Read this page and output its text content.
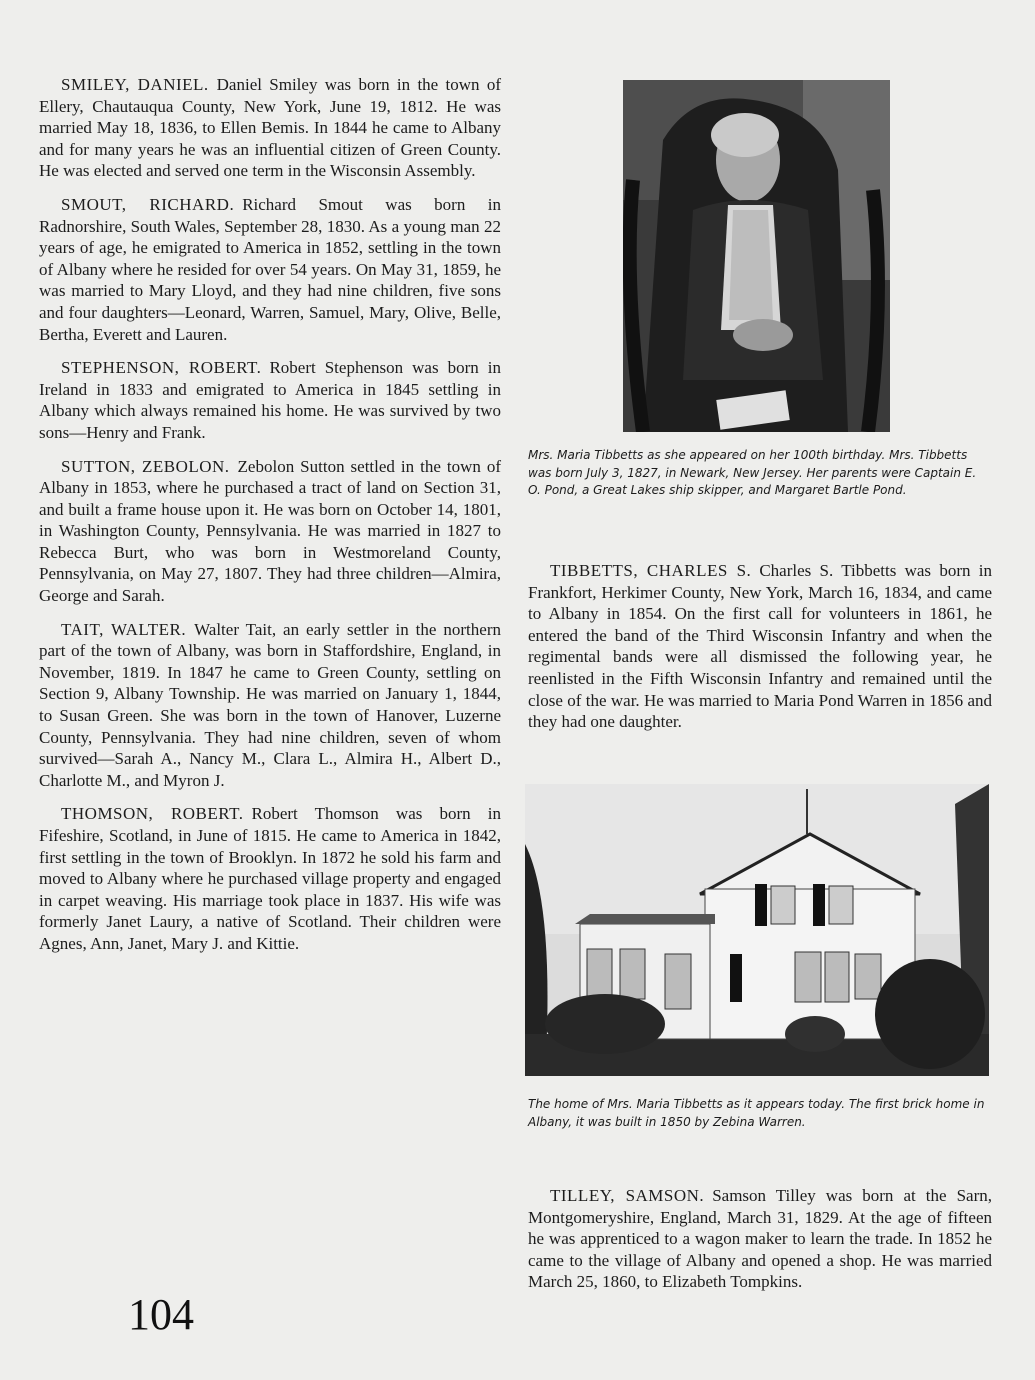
SMILEY, DANIEL. Daniel Smiley was born in the town of Ellery, Chautauqua County, New York, June 19, 1812. He was married May 18, 1836, to Ellen Bemis. In 1844 he came to Albany and for many years he was an influential citizen of Green County. He was elected and served one term in the Wisconsin Assembly.

SMOUT, RICHARD. Richard Smout was born in Radnorshire, South Wales, September 28, 1830. As a young man 22 years of age, he emigrated to America in 1852, settling in the town of Albany where he resided for over 54 years. On May 31, 1859, he was married to Mary Lloyd, and they had nine children, five sons and four daughters—Leonard, Warren, Samuel, Mary, Olive, Belle, Bertha, Everett and Lauren.

STEPHENSON, ROBERT. Robert Stephenson was born in Ireland in 1833 and emigrated to America in 1845 settling in Albany which always remained his home. He was survived by two sons—Henry and Frank.

SUTTON, ZEBOLON. Zebolon Sutton settled in the town of Albany in 1853, where he purchased a tract of land on Section 31, and built a frame house upon it. He was born on October 14, 1801, in Washington County, Pennsylvania. He was married in 1827 to Rebecca Burt, who was born in Westmoreland County, Pennsylvania, on May 27, 1807. They had three children—Almira, George and Sarah.

TAIT, WALTER. Walter Tait, an early settler in the northern part of the town of Albany, was born in Staffordshire, England, in November, 1819. In 1847 he came to Green County, settling on Section 9, Albany Township. He was married on January 1, 1844, to Susan Green. She was born in the town of Hanover, Luzerne County, Pennsylvania. They had nine children, seven of whom survived—Sarah A., Nancy M., Clara L., Almira H., Albert D., Charlotte M., and Myron J.

THOMSON, ROBERT. Robert Thomson was born in Fifeshire, Scotland, in June of 1815. He came to America in 1842, first settling in the town of Brooklyn. In 1872 he sold his farm and moved to Albany where he purchased village property and engaged in carpet weaving. His marriage took place in 1837. His wife was formerly Janet Laury, a native of Scotland. Their children were Agnes, Ann, Janet, Mary J. and Kittie.

Mrs. Maria Tibbetts as she appeared on her 100th birthday. Mrs. Tibbetts was born July 3, 1827, in Newark, New Jersey. Her parents were Captain E. O. Pond, a Great Lakes ship skipper, and Margaret Bartle Pond.

TIBBETTS, CHARLES S. Charles S. Tibbetts was born in Frankfort, Herkimer County, New York, March 16, 1834, and came to Albany in 1854. On the first call for volunteers in 1861, he entered the band of the Third Wisconsin Infantry and when the regimental bands were all dismissed the following year, he reenlisted in the Fifth Wisconsin Infantry and remained until the close of the war. He was married to Maria Pond Warren in 1856 and they had one daughter.

The home of Mrs. Maria Tibbetts as it appears today. The first brick home in Albany, it was built in 1850 by Zebina Warren.

TILLEY, SAMSON. Samson Tilley was born at the Sarn, Montgomeryshire, England, March 31, 1829. At the age of fifteen he was apprenticed to a wagon maker to learn the trade. In 1852 he came to the village of Albany and opened a shop. He was married March 25, 1860, to Elizabeth Tompkins.

104
